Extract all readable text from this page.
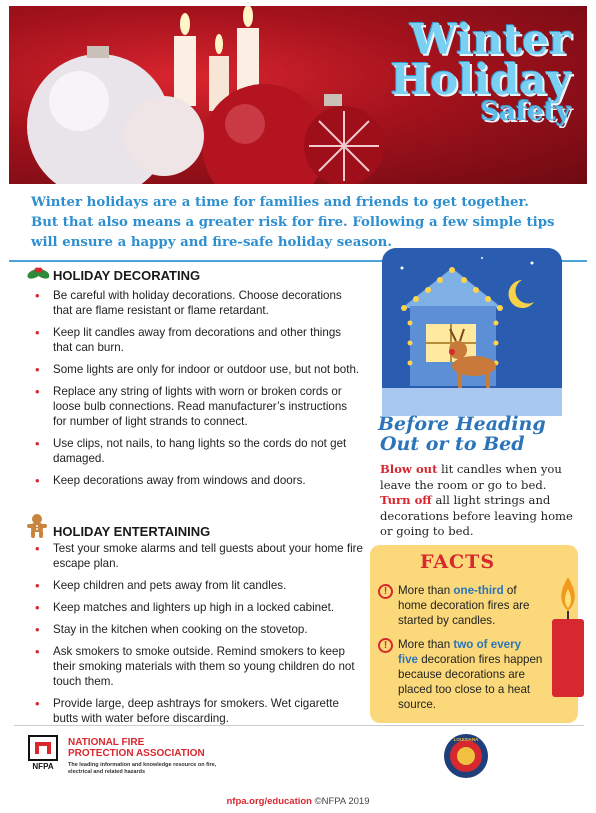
Winter
Holiday
Safety
Winter holidays are a time for families and friends to get together. But that also means a greater risk for fire. Following a few simple tips will ensure a happy and fire-safe holiday season.
HOLIDAY DECORATING
• Be careful with holiday decorations. Choose decorations that are flame resistant or flame retardant.
• Keep lit candles away from decorations and other things that can burn.
• Some lights are only for indoor or outdoor use, but not both.
• Replace any string of lights with worn or broken cords or loose bulb connections. Read manufacturer’s instructions for number of light strands to connect.
• Use clips, not nails, to hang lights so the cords do not get damaged.
• Keep decorations away from windows and doors.
HOLIDAY ENTERTAINING
• Test your smoke alarms and tell guests about your home fire escape plan.
• Keep children and pets away from lit candles.
• Keep matches and lighters up high in a locked cabinet.
• Stay in the kitchen when cooking on the stovetop.
• Ask smokers to smoke outside. Remind smokers to keep their smoking materials with them so young children do not touch them.
• Provide large, deep ashtrays for smokers. Wet cigarette butts with water before discarding.
Before Heading
Out or to Bed
Blow out lit candles when you leave the room or go to bed. Turn off all light strings and decorations before leaving home or going to bed.
FACTS
! More than one-third of home decoration fires are started by candles.
! More than two of every five decoration fires happen because decorations are placed too close to a heat source.
NFPA
NATIONAL FIRE
PROTECTION ASSOCIATION
The leading information and knowledge resource on fire, electrical and related hazards
LOUISIANA
nfpa.org/education ©NFPA 2019
